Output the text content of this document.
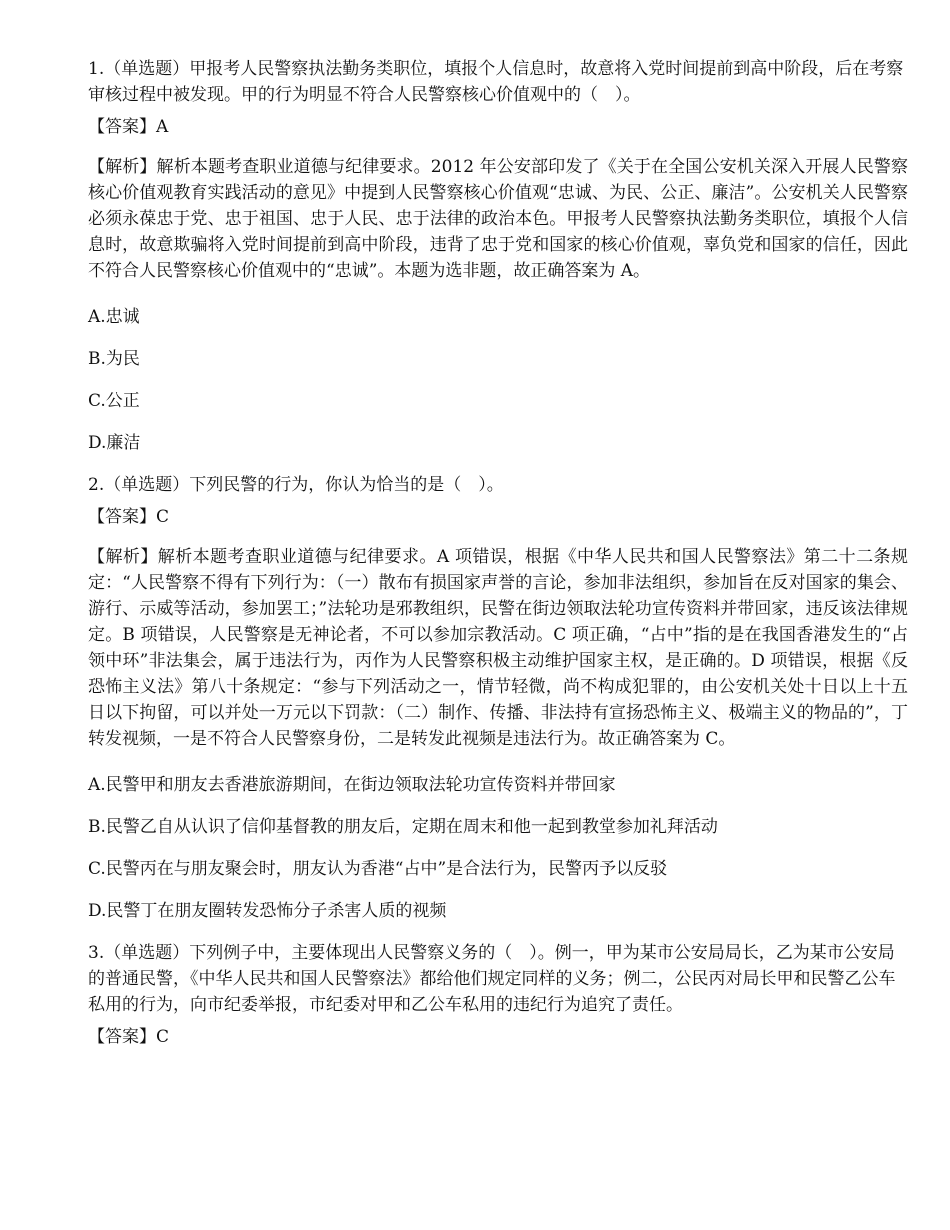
1.（单选题）甲报考人民警察执法勤务类职位，填报个人信息时，故意将入党时间提前到高中阶段，后在考察审核过程中被发现。甲的行为明显不符合人民警察核心价值观中的（　）。
【答案】A
【解析】解析本题考查职业道德与纪律要求。2012 年公安部印发了《关于在全国公安机关深入开展人民警察核心价值观教育实践活动的意见》中提到人民警察核心价值观“忠诚、为民、公正、廉洁”。公安机关人民警察必须永葆忠于党、忠于祖国、忠于人民、忠于法律的政治本色。甲报考人民警察执法勤务类职位，填报个人信息时，故意欺骗将入党时间提前到高中阶段，违背了忠于党和国家的核心价值观，辜负党和国家的信任，因此不符合人民警察核心价值观中的“忠诚”。本题为选非题，故正确答案为 A。
A.忠诚
B.为民
C.公正
D.廉洁
2.（单选题）下列民警的行为，你认为恰当的是（　）。
【答案】C
【解析】解析本题考查职业道德与纪律要求。A 项错误，根据《中华人民共和国人民警察法》第二十二条规定：“人民警察不得有下列行为：（一）散布有损国家声誉的言论，参加非法组织，参加旨在反对国家的集会、游行、示威等活动，参加罢工；”法轮功是邪教组织，民警在街边领取法轮功宣传资料并带回家，违反该法律规定。B 项错误，人民警察是无神论者，不可以参加宗教活动。C 项正确，“占中”指的是在我国香港发生的“占领中环”非法集会，属于违法行为，丙作为人民警察积极主动维护国家主权，是正确的。D 项错误，根据《反恐怖主义法》第八十条规定：“参与下列活动之一，情节轻微，尚不构成犯罪的，由公安机关处十日以上十五日以下拘留，可以并处一万元以下罚款：（二）制作、传播、非法持有宣扬恐怖主义、极端主义的物品的”，丁转发视频，一是不符合人民警察身份，二是转发此视频是违法行为。故正确答案为 C。
A.民警甲和朋友去香港旅游期间，在街边领取法轮功宣传资料并带回家
B.民警乙自从认识了信仰基督教的朋友后，定期在周末和他一起到教堂参加礼拜活动
C.民警丙在与朋友聚会时，朋友认为香港“占中”是合法行为，民警丙予以反驳
D.民警丁在朋友圈转发恐怖分子杀害人质的视频
3.（单选题）下列例子中，主要体现出人民警察义务的（　）。例一，甲为某市公安局局长，乙为某市公安局的普通民警，《中华人民共和国人民警察法》都给他们规定同样的义务；例二，公民丙对局长甲和民警乙公车私用的行为，向市纪委举报，市纪委对甲和乙公车私用的违纪行为追究了责任。
【答案】C
